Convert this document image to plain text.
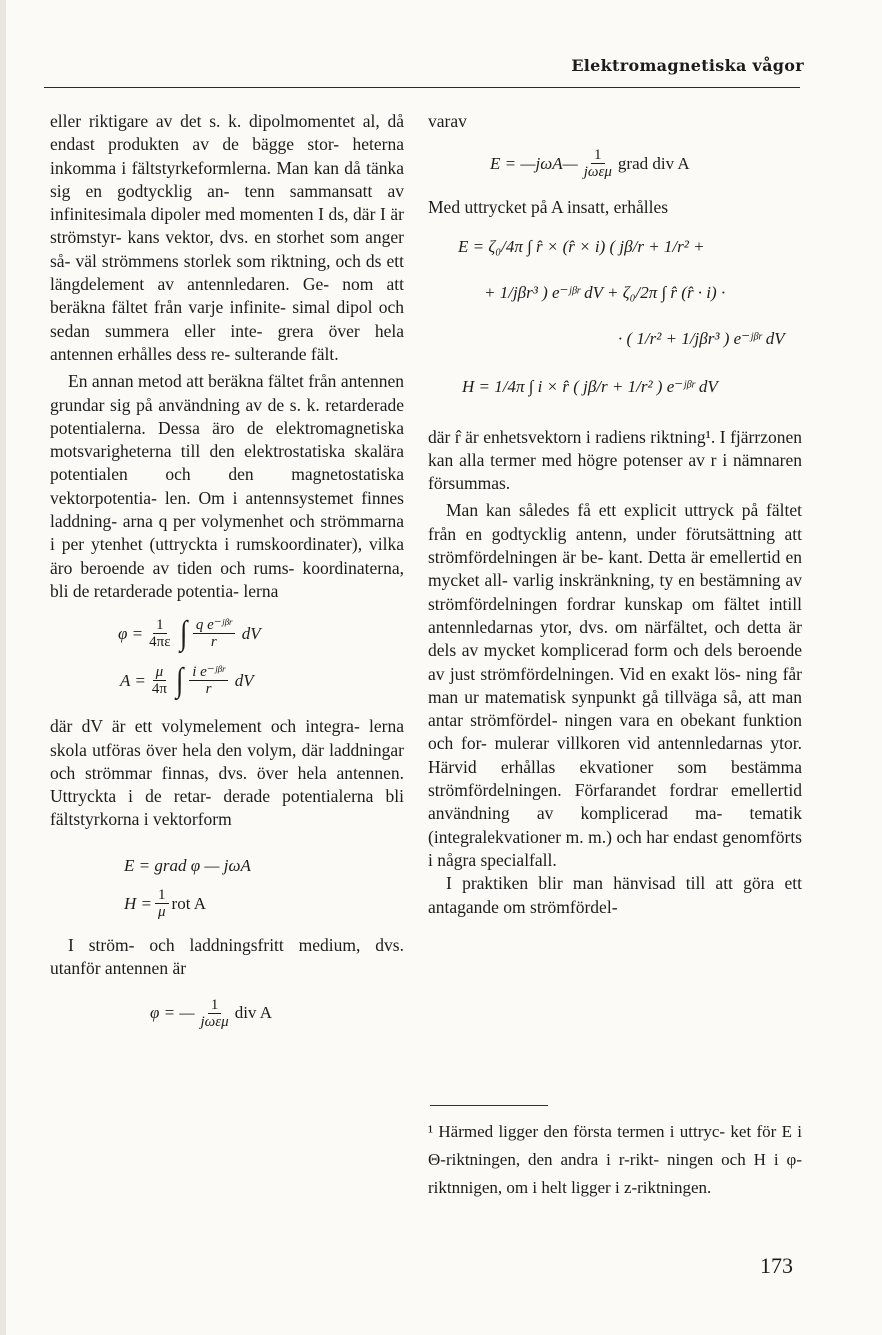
Elektromagnetiska vågor

eller riktigare av det s. k. dipolmomentet al, då endast produkten av de bägge stor- heterna inkomma i fältstyrkeformlerna. Man kan då tänka sig en godtycklig an- tenn sammansatt av infinitesimala dipoler med momenten I ds, där I är strömstyr- kans vektor, dvs. en storhet som anger så- väl strömmens storlek som riktning, och ds ett längdelement av antennledaren. Ge- nom att beräkna fältet från varje infinite- simal dipol och sedan summera eller inte- grera över hela antennen erhålles dess re- sulterande fält.

En annan metod att beräkna fältet från antennen grundar sig på användning av de s. k. retarderade potentialerna. Dessa äro de elektromagnetiska motsvarigheterna till den elektrostatiska skalära potentialen och den magnetostatiska vektorpotentia- len. Om i antennsystemet finnes laddning- arna q per volymenhet och strömmarna i per ytenhet (uttryckta i rumskoordinater), vilka äro beroende av tiden och rums- koordinaterna, bli de retarderade potentia- lerna

$\varphi = \frac{1}{4\pi\varepsilon}$ ∫ $\frac{\text{q e⁻ʲᵝʳ}}{r}$ dV
$A = \frac{\mu}{4\pi}$ ∫ $\frac{\text{i e⁻ʲᵝʳ}}{r}$ dV

där dV är ett volymelement och integra- lerna skola utföras över hela den volym, där laddningar och strömmar finnas, dvs. över hela antennen. Uttryckta i de retar- derade potentialerna bli fältstyrkorna i vektorform

E = grad φ — jωA
$H = \frac{1}{\mu}$ rot A

I ström- och laddningsfritt medium, dvs. utanför antennen är

φ = — $\frac{1}{\text{jωεμ}}$ div A

varav

E = —jωA— $\frac{1}{\text{jωεμ}}$ grad div A

Med uttrycket på A insatt, erhålles

E = ζ₀/4π ∫ r̂ × (r̂ × i) ( jβ/r + 1/r² +
+ 1/jβr³ ) e⁻ʲᵝʳ dV + ζ₀/2π ∫ r̂ (r̂ · i) ·
· ( 1/r² + 1/jβr³ ) e⁻ʲᵝʳ dV
H = 1/4π ∫ i × r̂ ( jβ/r + 1/r² ) e⁻ʲᵝʳ dV

där r̂ är enhetsvektorn i radiens riktning¹. I fjärrzonen kan alla termer med högre potenser av r i nämnaren försummas.

Man kan således få ett explicit uttryck på fältet från en godtycklig antenn, under förutsättning att strömfördelningen är be- kant. Detta är emellertid en mycket all- varlig inskränkning, ty en bestämning av strömfördelningen fordrar kunskap om fältet intill antennledarnas ytor, dvs. om närfältet, och detta är dels av mycket komplicerad form och dels beroende av just strömfördelningen. Vid en exakt lös- ning får man ur matematisk synpunkt gå tillväga så, att man antar strömfördel- ningen vara en obekant funktion och for- mulerar villkoren vid antennledarnas ytor. Härvid erhållas ekvationer som bestämma strömfördelningen. Förfarandet fordrar emellertid användning av komplicerad ma- tematik (integralekvationer m. m.) och har endast genomförts i några specialfall.

I praktiken blir man hänvisad till att göra ett antagande om strömfördel-

¹ Härmed ligger den första termen i uttryc- ket för E i Θ-riktningen, den andra i r-rikt- ningen och H i φ-riktnnigen, om i helt ligger i z-riktningen.

173
